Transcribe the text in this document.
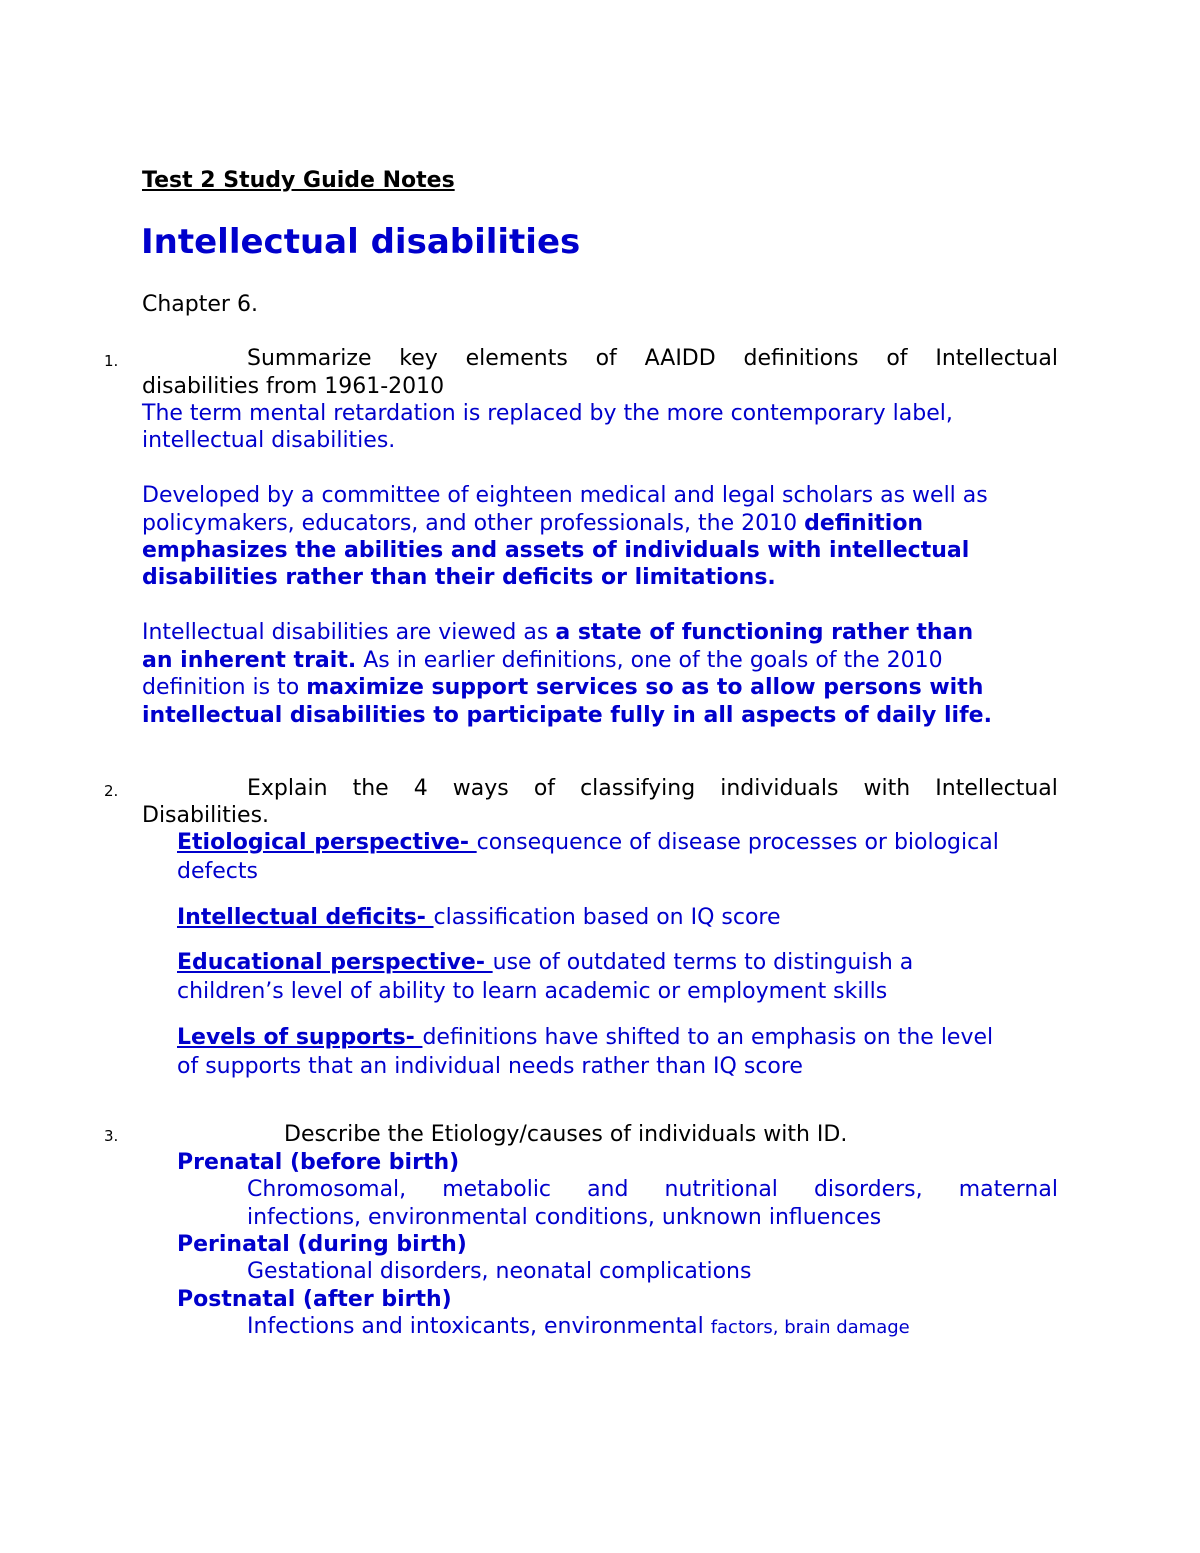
Test 2 Study Guide Notes
Intellectual disabilities
Chapter 6.
1.	Summarize key elements of AAIDD definitions of Intellectual
disabilities from 1961-2010
The term mental retardation is replaced by the more contemporary label,
intellectual disabilities.
Developed by a committee of eighteen medical and legal scholars as well as
policymakers, educators, and other professionals, the 2010 definition
emphasizes the abilities and assets of individuals with intellectual
disabilities rather than their deficits or limitations.
Intellectual disabilities are viewed as a state of functioning rather than
an inherent trait. As in earlier definitions, one of the goals of the 2010
definition is to maximize support services so as to allow persons with
intellectual disabilities to participate fully in all aspects of daily life.
2.	Explain the 4 ways of classifying individuals with Intellectual
Disabilities.
Etiological perspective- consequence of disease processes or biological
defects
Intellectual deficits- classification based on IQ score
Educational perspective- use of outdated terms to distinguish a
children’s level of ability to learn academic or employment skills
Levels of supports- definitions have shifted to an emphasis on the level
of supports that an individual needs rather than IQ score
3.	Describe the Etiology/causes of individuals with ID.
Prenatal (before birth)
Chromosomal, metabolic and nutritional disorders, maternal
infections, environmental conditions, unknown influences
Perinatal (during birth)
Gestational disorders, neonatal complications
Postnatal (after birth)
Infections and intoxicants, environmental factors, brain damage
